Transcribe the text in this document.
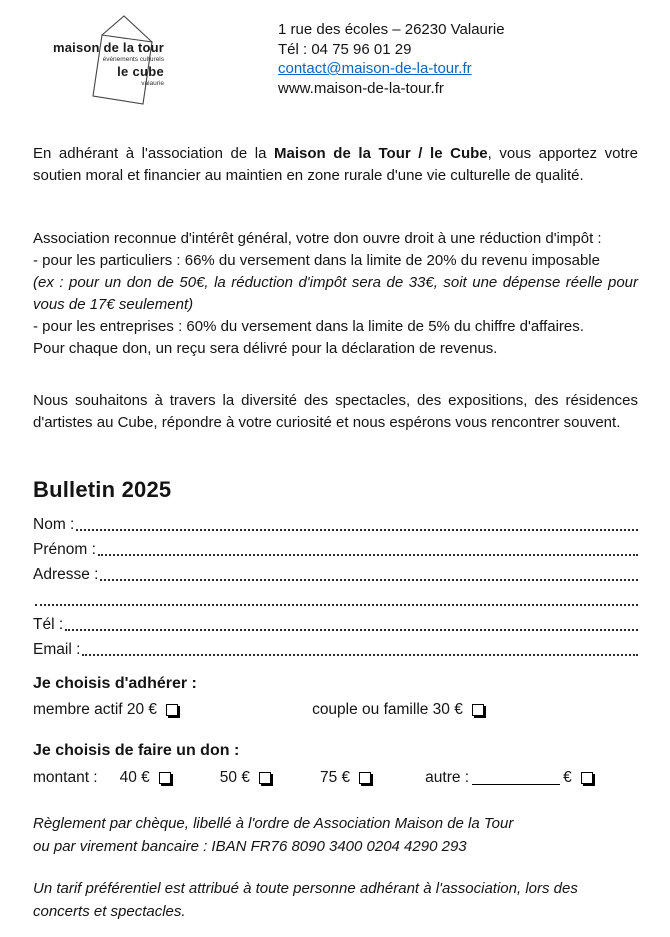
maison de la tour
événements culturels
le cube
valaurie
1 rue des écoles – 26230 Valaurie
Tél : 04 75 96 01 29
contact@maison-de-la-tour.fr
www.maison-de-la-tour.fr

En adhérant à l'association de la Maison de la Tour / le Cube, vous apportez votre soutien moral et financier au maintien en zone rurale d'une vie culturelle de qualité.

Association reconnue d'intérêt général, votre don ouvre droit à une réduction d'impôt :
- pour les particuliers : 66% du versement dans la limite de 20% du revenu imposable
(ex : pour un don de 50€, la réduction d'impôt sera de 33€, soit une dépense réelle pour vous de 17€ seulement)
- pour les entreprises : 60% du versement dans la limite de 5% du chiffre d'affaires.
Pour chaque don, un reçu sera délivré pour la déclaration de revenus.

Nous souhaitons à travers la diversité des spectacles, des expositions, des résidences d'artistes au Cube, répondre à votre curiosité et nous espérons vous rencontrer souvent.

Bulletin 2025
Nom :
Prénom :
Adresse :
Tél :
Email :
Je choisis d'adhérer :
membre actif 20 €	couple ou famille 30 €
Je choisis de faire un don :
montant : 40 €	50 €	75 €	autre :	€
Règlement par chèque, libellé à l'ordre de Association Maison de la Tour
ou par virement bancaire : IBAN FR76 8090 3400 0204 4290 293
Un tarif préférentiel est attribué à toute personne adhérant à l'association, lors des concerts et spectacles.
